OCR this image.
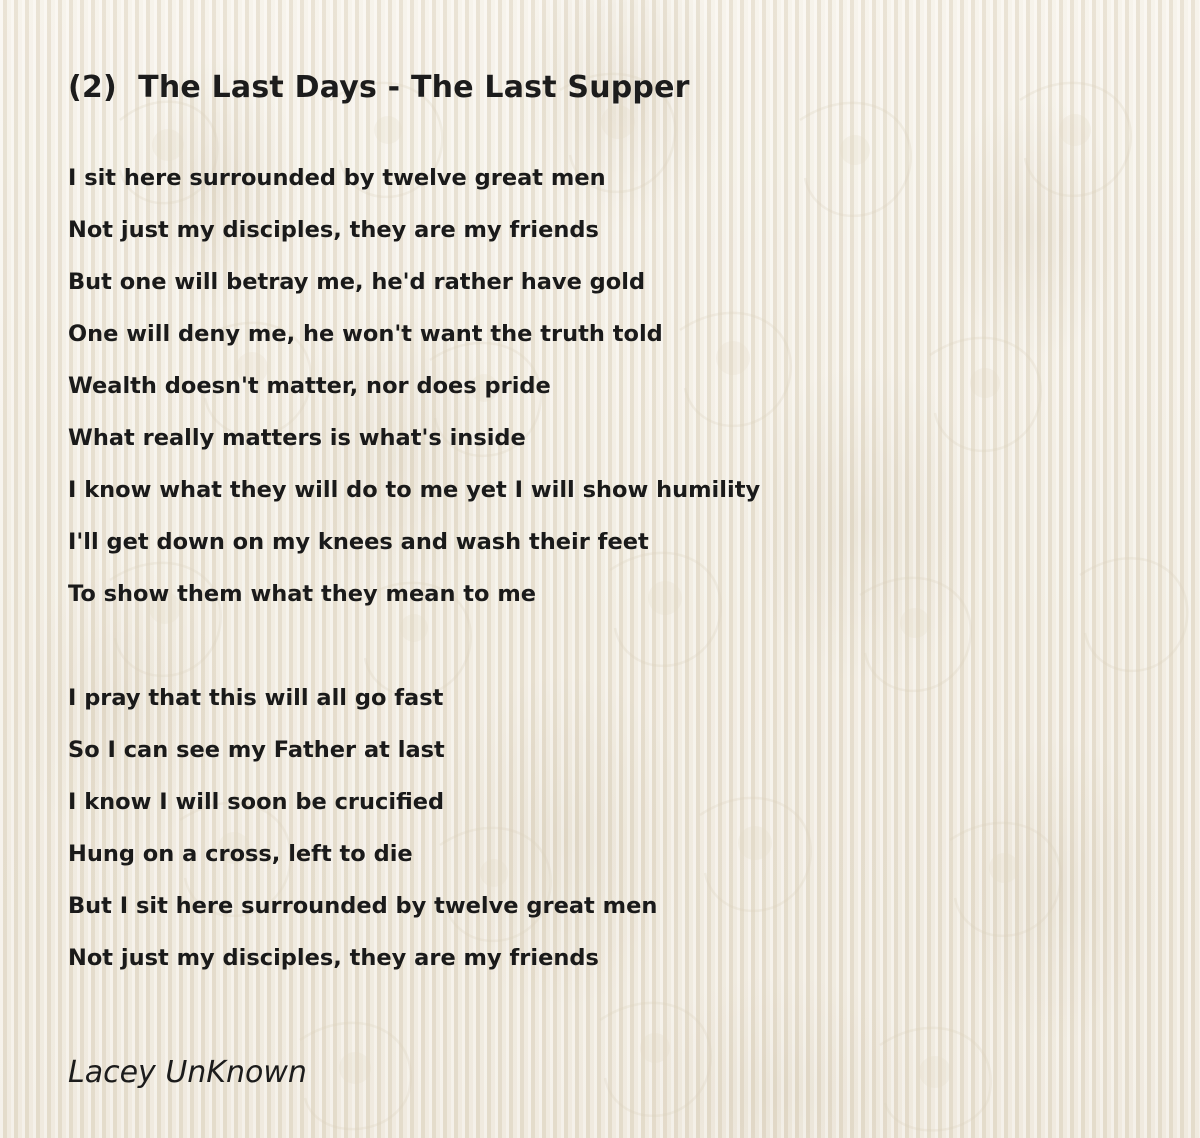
(2)  The Last Days - The Last Supper
I sit here surrounded by twelve great men
Not just my disciples, they are my friends
But one will betray me, he'd rather have gold
One will deny me, he won't want the truth told
Wealth doesn't matter, nor does pride
What really matters is what's inside
I know what they will do to me yet I will show humility
I'll get down on my knees and wash their feet
To show them what they mean to me
I pray that this will all go fast
So I can see my Father at last
I know I will soon be crucified
Hung on a cross, left to die
But I sit here surrounded by twelve great men
Not just my disciples, they are my friends
Lacey UnKnown
